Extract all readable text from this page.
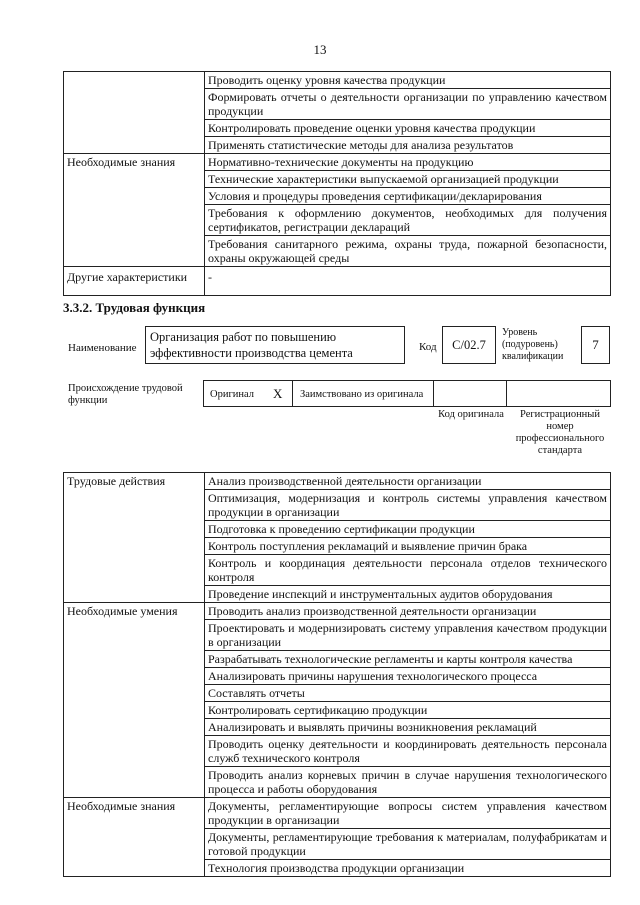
13
	Проводить оценку уровня качества продукции
	Формировать отчеты о деятельности организации по управлению качеством продукции
	Контролировать проведение оценки уровня качества продукции
	Применять статистические методы для анализа результатов
Необходимые знания	Нормативно-технические документы на продукцию
	Технические характеристики выпускаемой организацией продукции
	Условия и процедуры проведения сертификации/декларирования
	Требования к оформлению документов, необходимых для получения сертификатов, регистрации деклараций
	Требования санитарного режима, охраны труда, пожарной безопасности, охраны окружающей среды
Другие характеристики	-
3.3.2. Трудовая функция
Наименование
Организация работ по повышению эффективности производства цемента	Код	C/02.7
Уровень (подуровень) квалификации
7
Происхождение трудовой функции
Оригинал X Заимствовано из оригинала
Код оригинала	Регистрационный номер профессионального стандарта
Трудовые действия	Анализ производственной деятельности организации
	Оптимизация, модернизация и контроль системы управления качеством продукции в организации
	Подготовка к проведению сертификации продукции
	Контроль поступления рекламаций и выявление причин брака
	Контроль и координация деятельности персонала отделов технического контроля
	Проведение инспекций и инструментальных аудитов оборудования
Необходимые умения	Проводить анализ производственной деятельности организации
	Проектировать и модернизировать систему управления качеством продукции в организации
	Разрабатывать технологические регламенты и карты контроля качества
	Анализировать причины нарушения технологического процесса
	Составлять отчеты
	Контролировать сертификацию продукции
	Анализировать и выявлять причины возникновения рекламаций
	Проводить оценку деятельности и координировать деятельность персонала служб технического контроля
	Проводить анализ корневых причин в случае нарушения технологического процесса и работы оборудования
Необходимые знания	Документы, регламентирующие вопросы систем управления качеством продукции в организации
	Документы, регламентирующие требования к материалам, полуфабрикатам и готовой продукции
	Технология производства продукции организации
